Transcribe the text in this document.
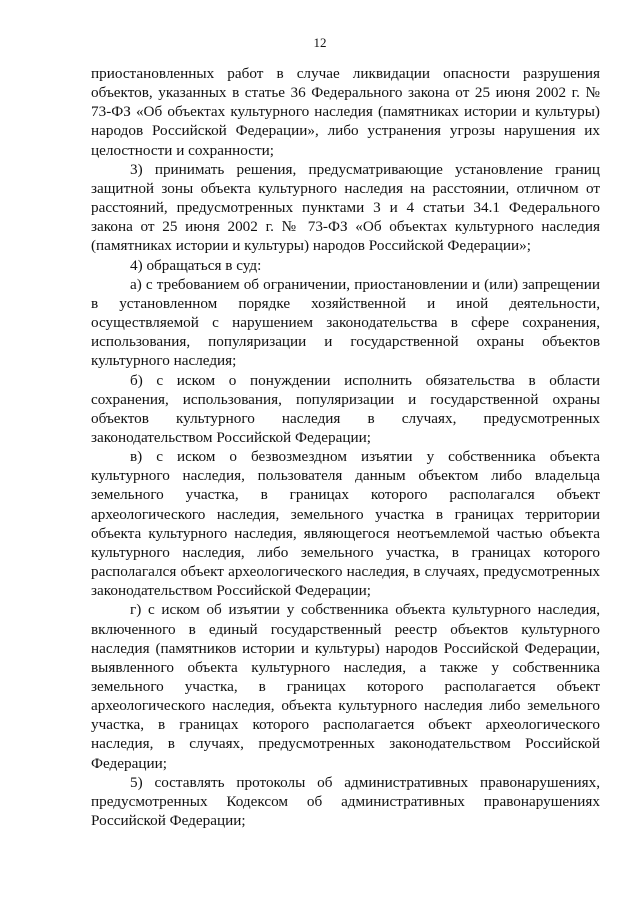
12

приостановленных работ в случае ликвидации опасности разрушения объектов, указанных в статье 36 Федерального закона от 25 июня 2002 г. № 73-ФЗ «Об объектах культурного наследия (памятниках истории и культуры) народов Российской Федерации», либо устранения угрозы нарушения их целостности и сохранности;

3) принимать решения, предусматривающие установление границ защитной зоны объекта культурного наследия на расстоянии, отличном от расстояний, предусмотренных пунктами 3 и 4 статьи 34.1 Федерального закона от 25 июня 2002 г. № 73-ФЗ «Об объектах культурного наследия (памятниках истории и культуры) народов Российской Федерации»;

4) обращаться в суд:

а) с требованием об ограничении, приостановлении и (или) запрещении в установленном порядке хозяйственной и иной деятельности, осуществляемой с нарушением законодательства в сфере сохранения, использования, популяризации и государственной охраны объектов культурного наследия;

б) с иском о понуждении исполнить обязательства в области сохранения, использования, популяризации и государственной охраны объектов культурного наследия в случаях, предусмотренных законодательством Российской Федерации;

в) с иском о безвозмездном изъятии у собственника объекта культурного наследия, пользователя данным объектом либо владельца земельного участка, в границах которого располагался объект археологического наследия, земельного участка в границах территории объекта культурного наследия, являющегося неотъемлемой частью объекта культурного наследия, либо земельного участка, в границах которого располагался объект археологического наследия, в случаях, предусмотренных законодательством Российской Федерации;

г) с иском об изъятии у собственника объекта культурного наследия, включенного в единый государственный реестр объектов культурного наследия (памятников истории и культуры) народов Российской Федерации, выявленного объекта культурного наследия, а также у собственника земельного участка, в границах которого располагается объект археологического наследия, объекта культурного наследия либо земельного участка, в границах которого располагается объект археологического наследия, в случаях, предусмотренных законодательством Российской Федерации;

5) составлять протоколы об административных правонарушениях, предусмотренных Кодексом об административных правонарушениях Российской Федерации;
